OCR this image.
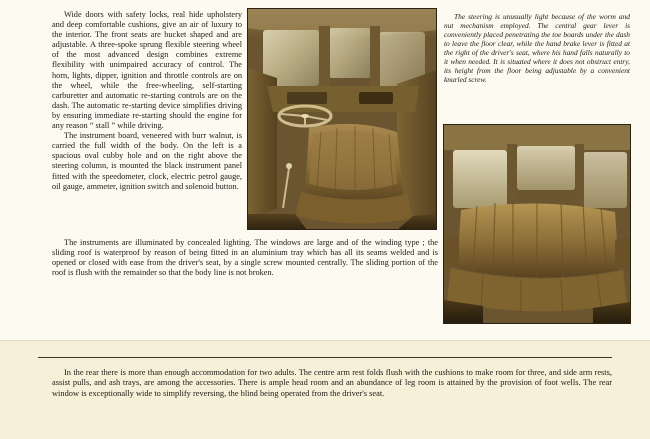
Wide doors with safety locks, real hide upholstery and deep comfortable cushions, give an air of luxury to the interior. The front seats are bucket shaped and are adjustable. A three-spoke sprung flexible steering wheel of the most advanced design combines extreme flexibility with unimpaired accuracy of control. The horn, lights, dipper, ignition and throttle controls are on the wheel, while the free-wheeling, self-starting carburetter and automatic re-starting controls are on the dash. The automatic re-starting device simplifies driving by ensuring immediate re-starting should the engine for any reason “ stall ” while driving.

The instrument board, veneered with burr walnut, is carried the full width of the body. On the left is a spacious oval cubby hole and on the right above the steering column, is mounted the black instrument panel fitted with the speedometer, clock, electric petrol gauge, oil gauge, ammeter, ignition switch and solenoid button.

The instruments are illuminated by concealed lighting. The windows are large and of the winding type ; the sliding roof is waterproof by reason of being fitted in an aluminium tray which has all its seams welded and is opened or closed with ease from the driver's seat, by a single screw mounted centrally. The sliding portion of the roof is flush with the remainder so that the body line is not broken.

The steering is unusually light because of the worm and nut mechanism employed. The central gear lever is conveniently placed penetrating the toe boards under the dash to leave the floor clear, while the hand brake lever is fitted at the right of the driver's seat, where his hand falls naturally to it when needed. It is situated where it does not obstruct entry, its height from the floor being adjustable by a convenient knurled screw.

In the rear there is more than enough accommodation for two adults. The centre arm rest folds flush with the cushions to make room for three, and side arm rests, assist pulls, and ash trays, are among the accessories. There is ample head room and an abundance of leg room is attained by the provision of foot wells. The rear window is exceptionally wide to simplify reversing, the blind being operated from the driver's seat.
